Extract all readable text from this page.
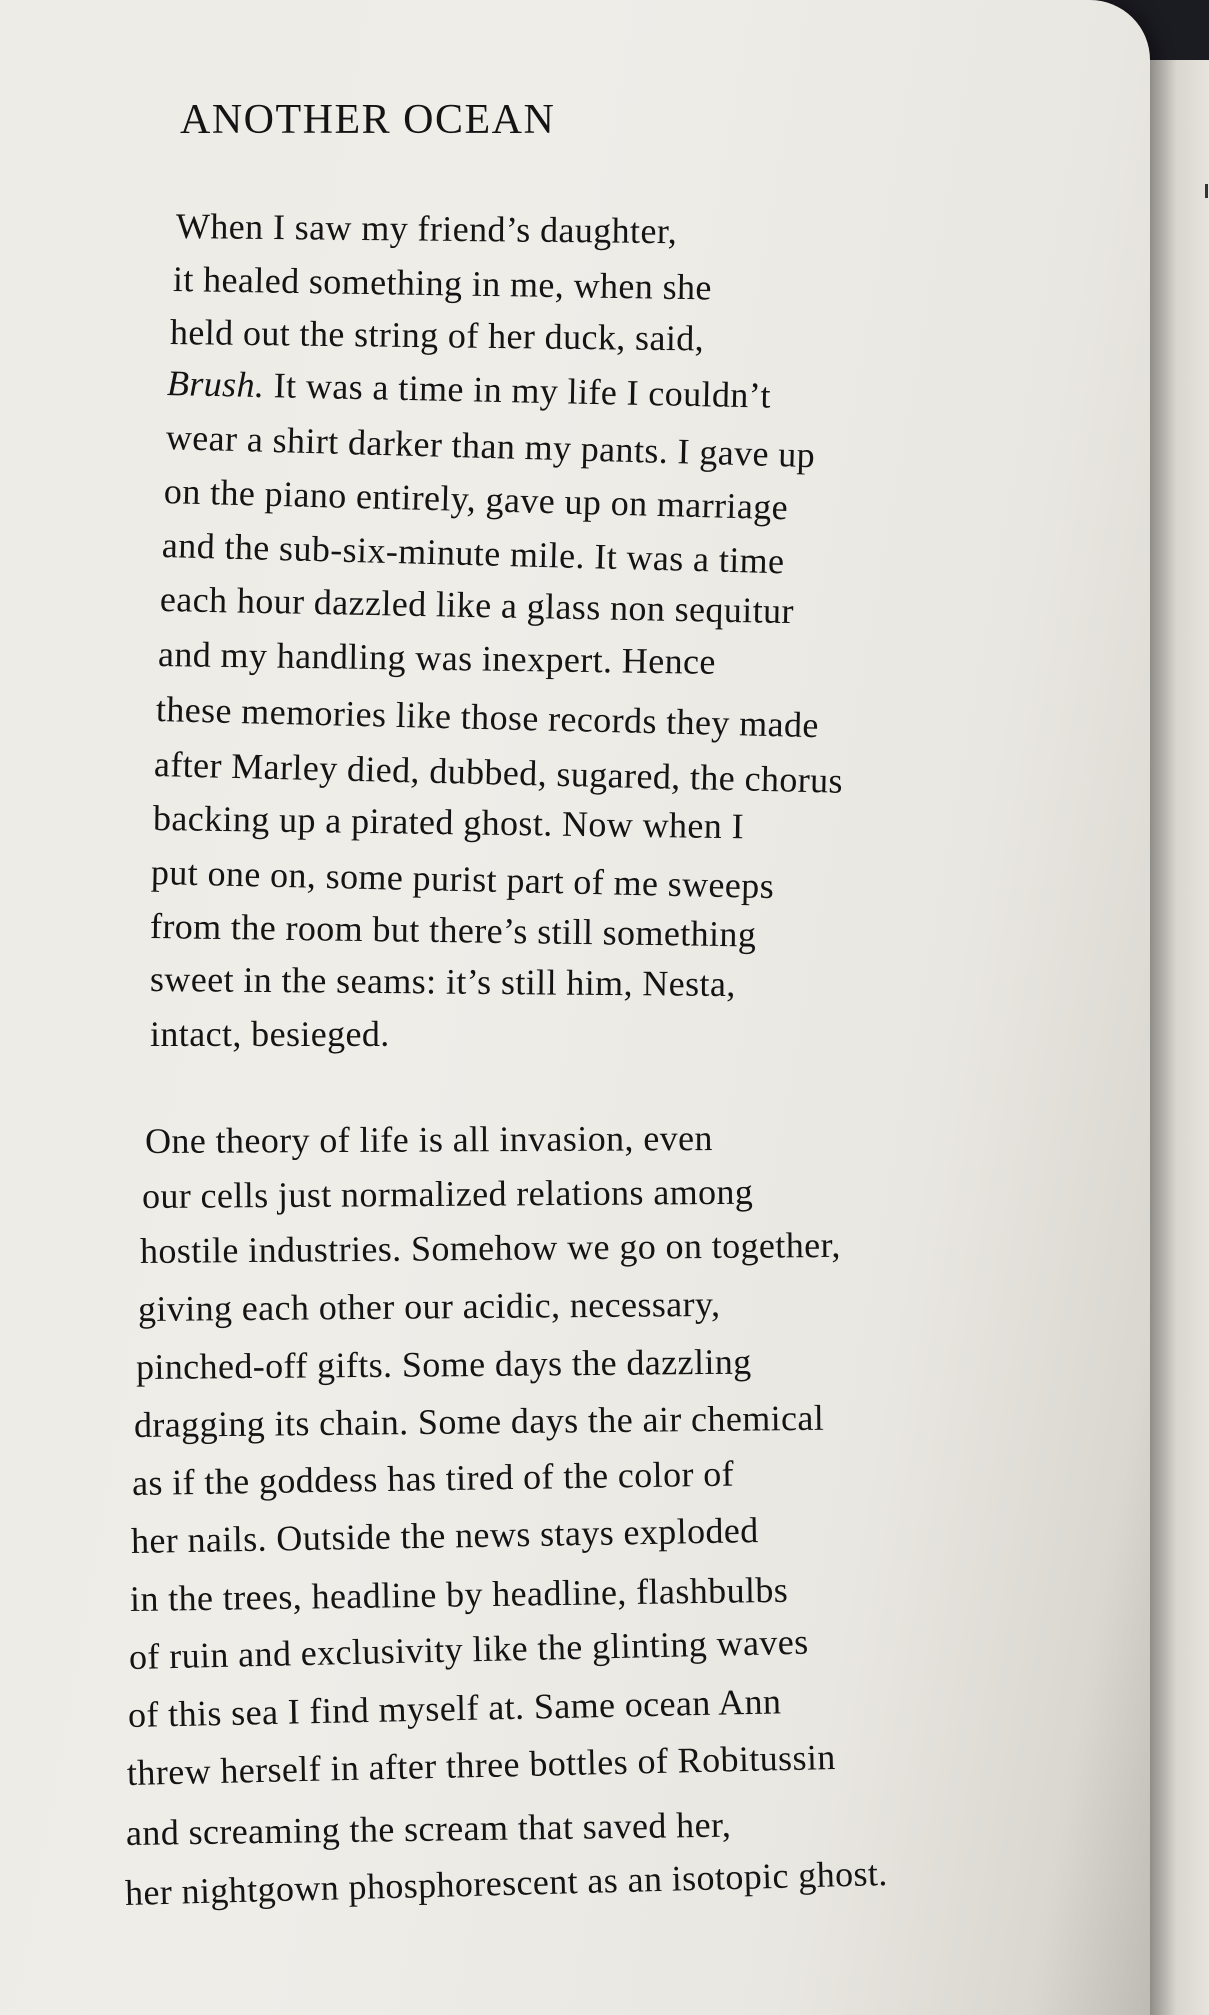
ANOTHER OCEAN
When I saw my friend’s daughter,
it healed something in me, when she
held out the string of her duck, said,
Brush. It was a time in my life I couldn’t
wear a shirt darker than my pants. I gave up
on the piano entirely, gave up on marriage
and the sub-six-minute mile. It was a time
each hour dazzled like a glass non sequitur
and my handling was inexpert. Hence
these memories like those records they made
after Marley died, dubbed, sugared, the chorus
backing up a pirated ghost. Now when I
put one on, some purist part of me sweeps
from the room but there’s still something
sweet in the seams: it’s still him, Nesta,
intact, besieged.
One theory of life is all invasion, even
our cells just normalized relations among
hostile industries. Somehow we go on together,
giving each other our acidic, necessary,
pinched-off gifts. Some days the dazzling
dragging its chain. Some days the air chemical
as if the goddess has tired of the color of
her nails. Outside the news stays exploded
in the trees, headline by headline, flashbulbs
of ruin and exclusivity like the glinting waves
of this sea I find myself at. Same ocean Ann
threw herself in after three bottles of Robitussin
and screaming the scream that saved her,
her nightgown phosphorescent as an isotopic ghost.
